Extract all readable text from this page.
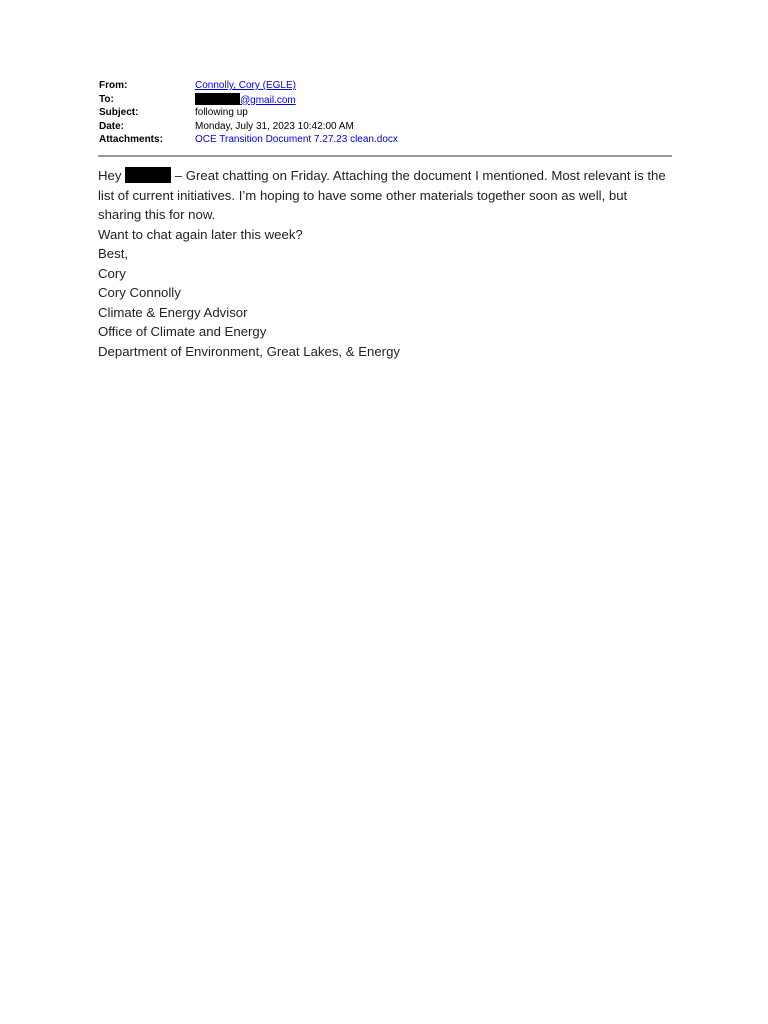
From:	Connolly, Cory (EGLE)
To:	@gmail.com
Subject:	following up
Date:	Monday, July 31, 2023 10:42:00 AM
Attachments:	OCE Transition Document 7.27.23 clean.docx

Hey	– Great chatting on Friday. Attaching the document I mentioned. Most relevant is the list of current initiatives. I’m hoping to have some other materials together soon as well, but sharing this for now.

Want to chat again later this week?

Best,

Cory

Cory Connolly

Climate & Energy Advisor

Office of Climate and Energy

Department of Environment, Great Lakes, & Energy
